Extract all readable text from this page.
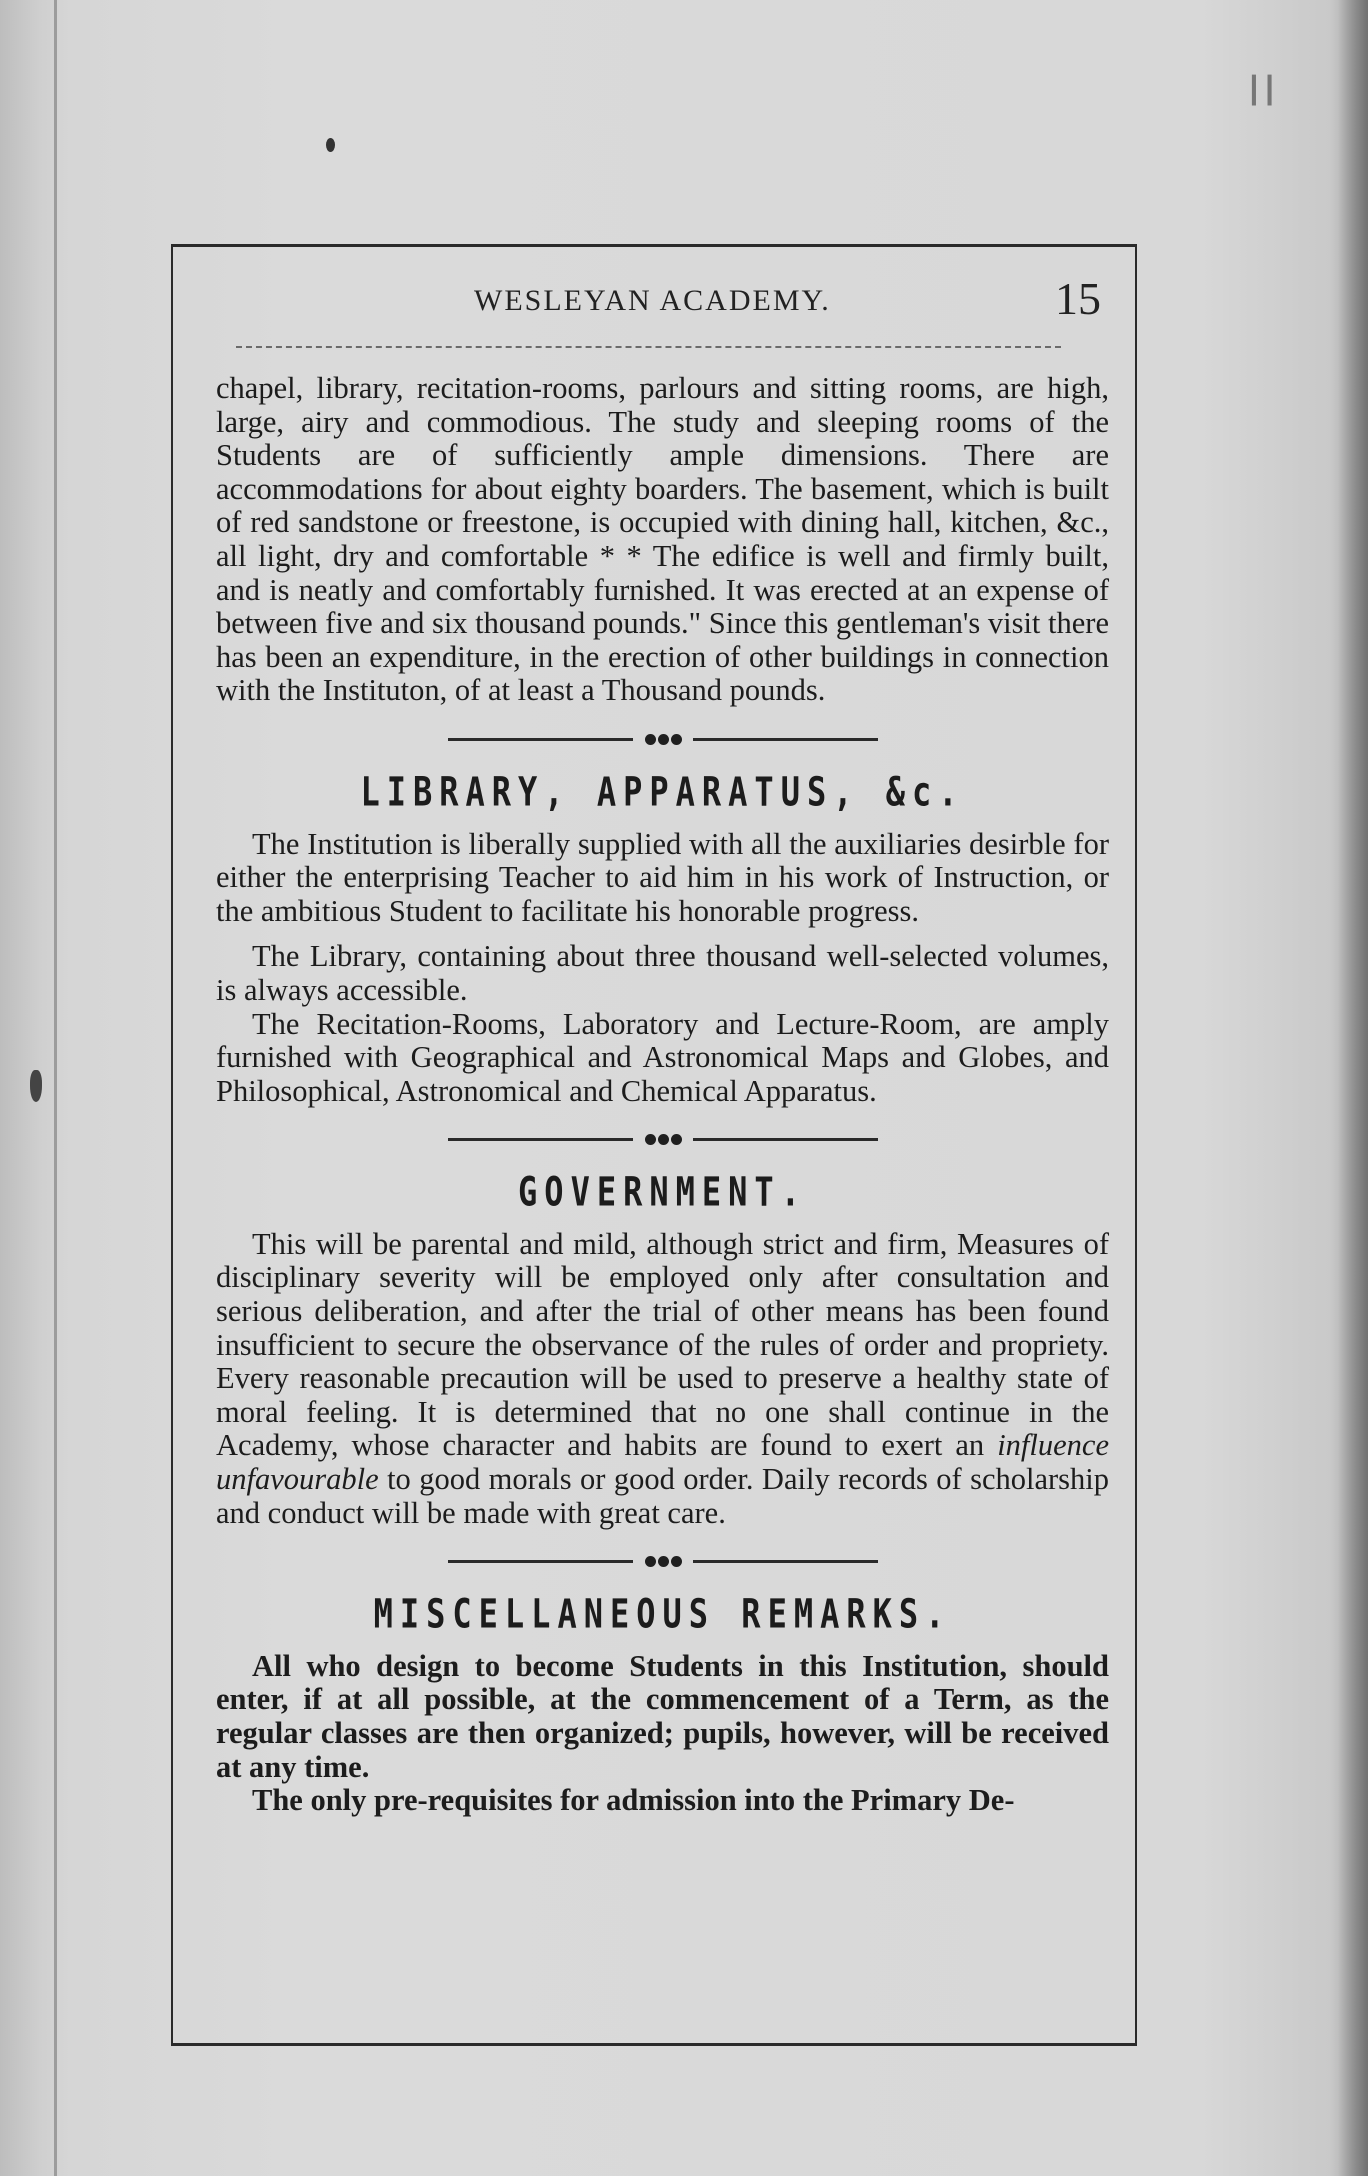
┃┃
WESLEYAN ACADEMY.	15

chapel, library, recitation-rooms, parlours and sitting rooms, are high, large, airy and commodious. The study and sleeping rooms of the Students are of sufficiently ample dimensions. There are accommodations for about eighty boarders. The basement, which is built of red sandstone or freestone, is occupied with dining hall, kitchen, &c., all light, dry and comfortable * * The edifice is well and firmly built, and is neatly and comfortably furnished. It was erected at an expense of between five and six thousand pounds." Since this gentleman's visit there has been an expenditure, in the erection of other buildings in connection with the Instituton, of at least a Thousand pounds.

LIBRARY, APPARATUS, &c.

The Institution is liberally supplied with all the auxiliaries desirble for either the enterprising Teacher to aid him in his work of Instruction, or the ambitious Student to facilitate his honorable progress.

The Library, containing about three thousand well-selected volumes, is always accessible.

The Recitation-Rooms, Laboratory and Lecture-Room, are amply furnished with Geographical and Astronomical Maps and Globes, and Philosophical, Astronomical and Chemical Apparatus.

GOVERNMENT.

This will be parental and mild, although strict and firm, Measures of disciplinary severity will be employed only after consultation and serious deliberation, and after the trial of other means has been found insufficient to secure the observance of the rules of order and propriety. Every reasonable precaution will be used to preserve a healthy state of moral feeling. It is determined that no one shall continue in the Academy, whose character and habits are found to exert an influence unfavourable to good morals or good order. Daily records of scholarship and conduct will be made with great care.

MISCELLANEOUS REMARKS.

All who design to become Students in this Institution, should enter, if at all possible, at the commencement of a Term, as the regular classes are then organized; pupils, however, will be received at any time.

The only pre-requisites for admission into the Primary De-
